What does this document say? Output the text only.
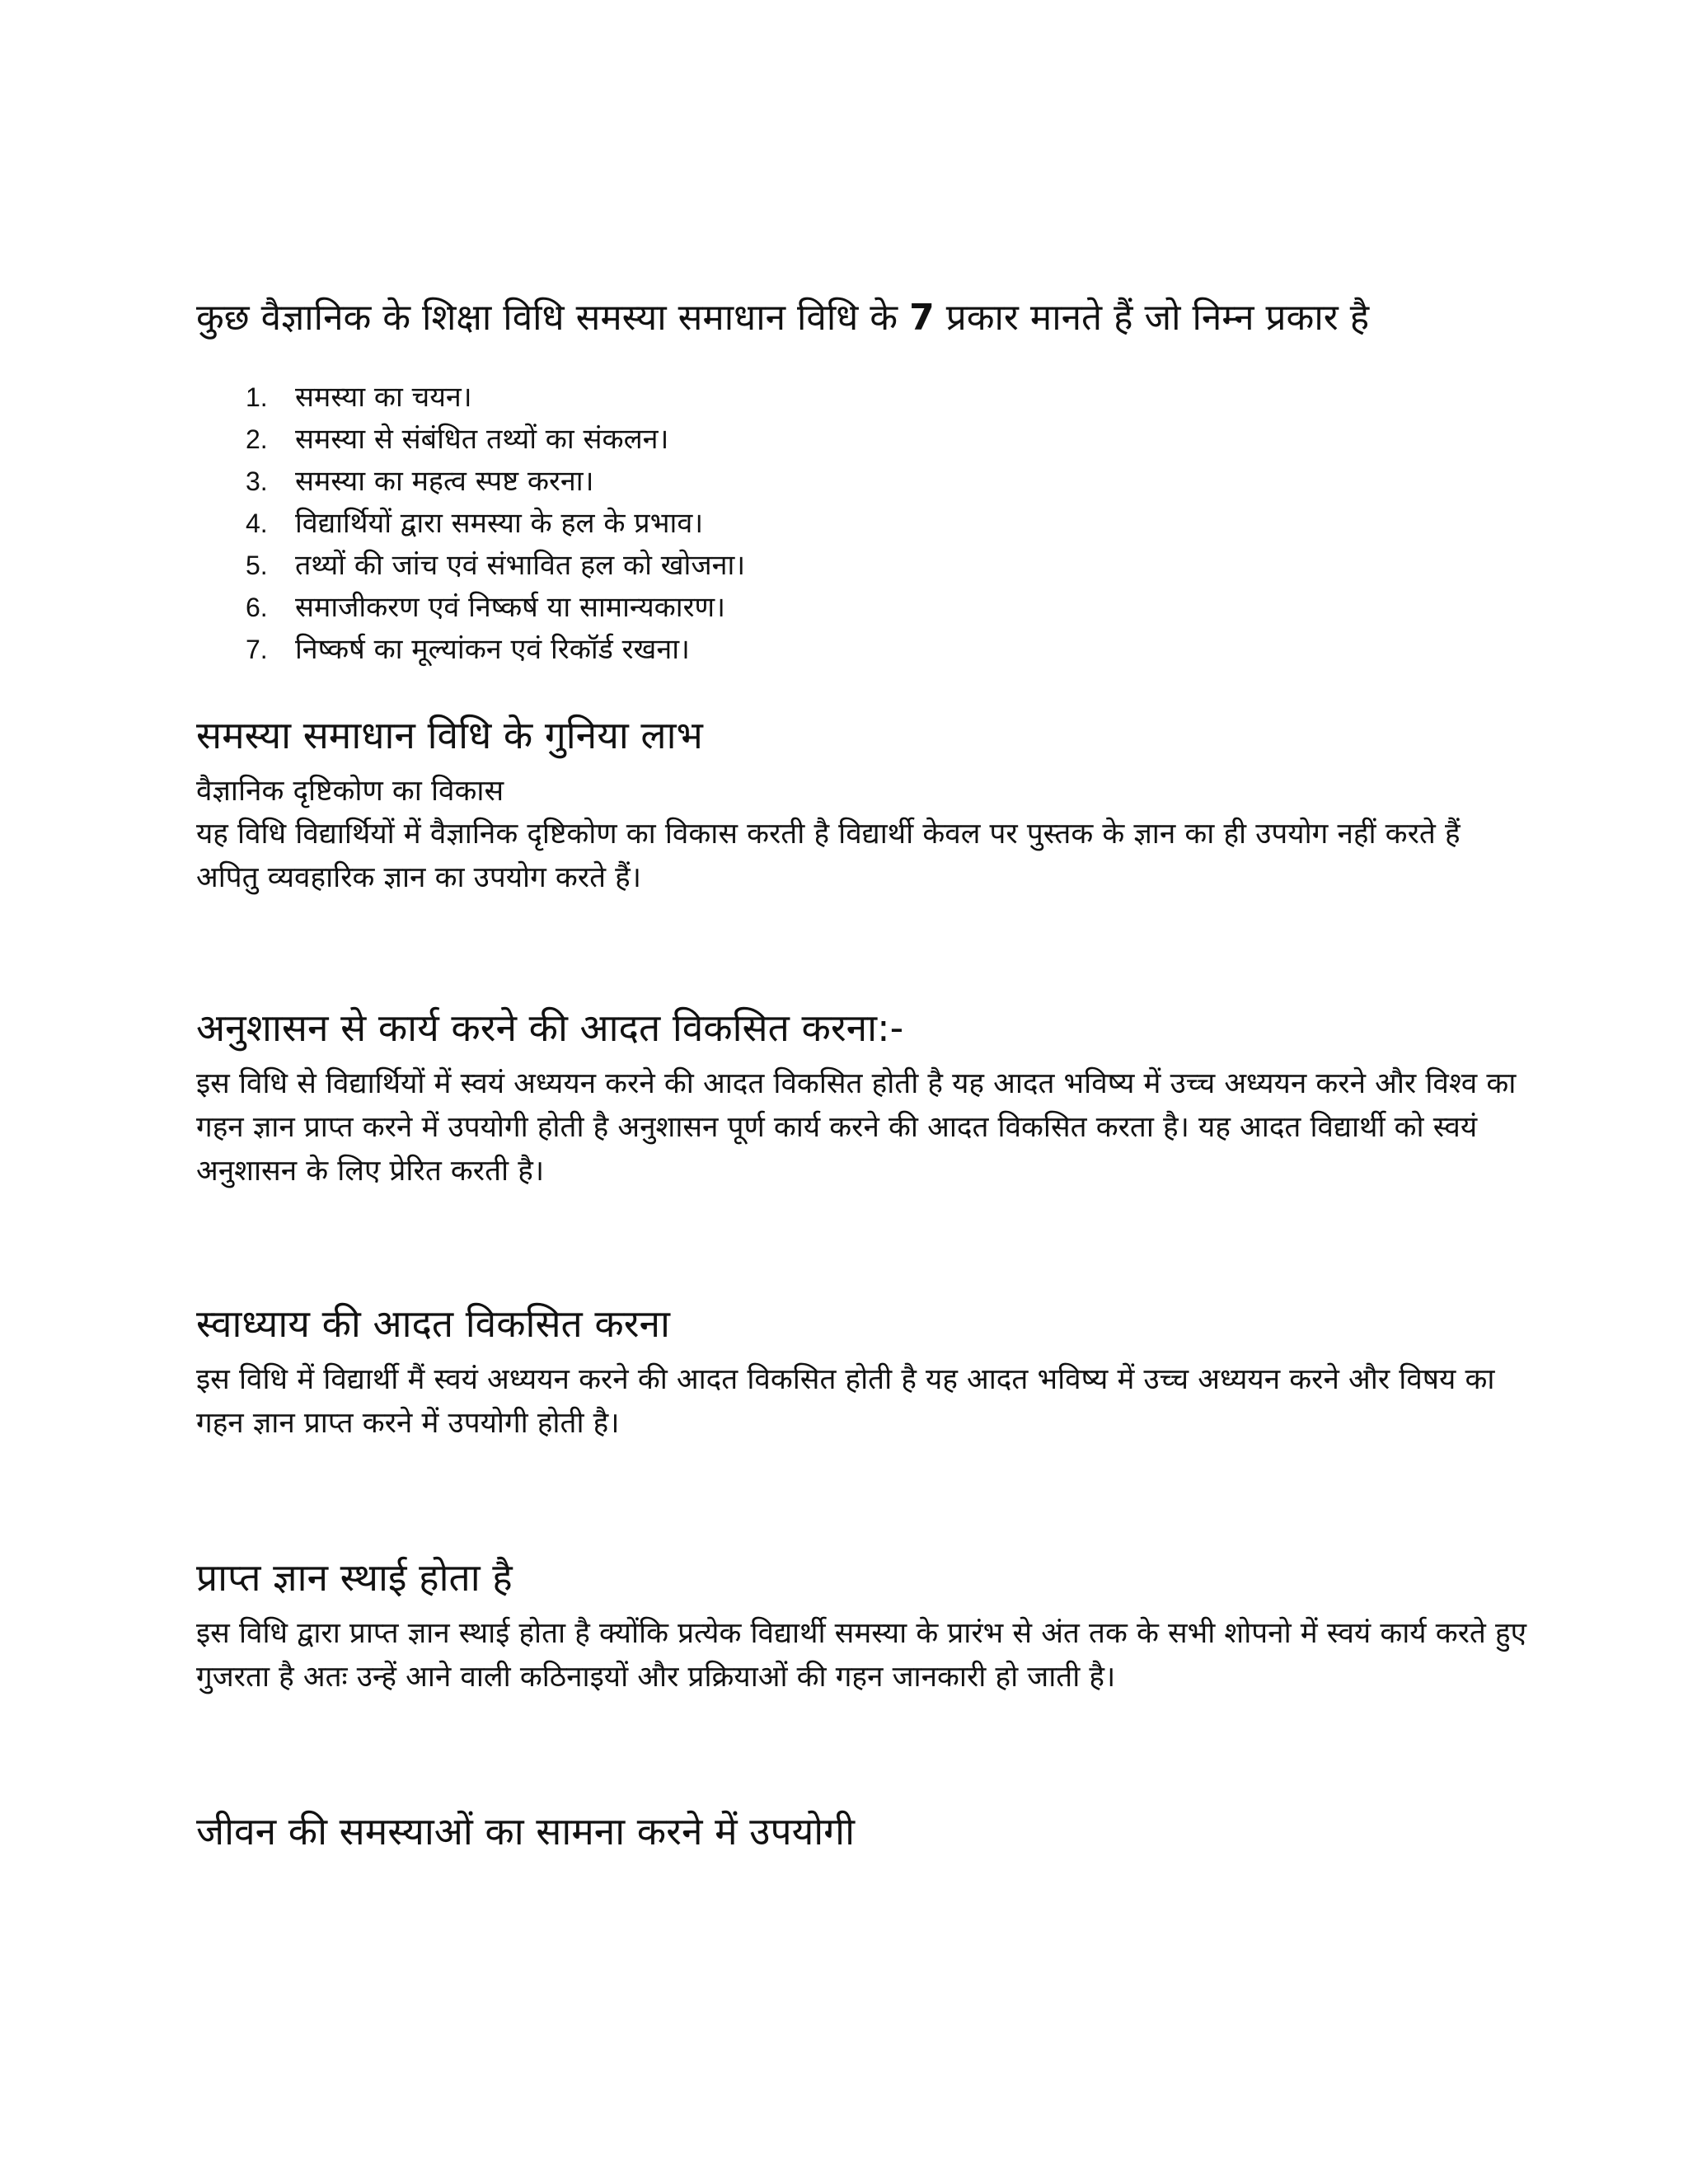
कुछ वैज्ञानिक के शिक्षा विधि समस्या समाधान विधि के 7 प्रकार मानते हैं जो निम्न प्रकार है

1. समस्या का चयन।
2. समस्या से संबंधित तथ्यों का संकलन।
3. समस्या का महत्व स्पष्ट करना।
4. विद्यार्थियों द्वारा समस्या के हल के प्रभाव।
5. तथ्यों की जांच एवं संभावित हल को खोजना।
6. समाजीकरण एवं निष्कर्ष या सामान्यकारण।
7. निष्कर्ष का मूल्यांकन एवं रिकॉर्ड रखना।
समस्या समाधान विधि के गुनिया लाभ

वैज्ञानिक दृष्टिकोण का विकास

यह विधि विद्यार्थियों में वैज्ञानिक दृष्टिकोण का विकास करती है विद्यार्थी केवल पर पुस्तक के ज्ञान का ही उपयोग नहीं करते हैं अपितु व्यवहारिक ज्ञान का उपयोग करते हैं।

अनुशासन से कार्य करने की आदत विकसित करना:-

इस विधि से विद्यार्थियों में स्वयं अध्ययन करने की आदत विकसित होती है यह आदत भविष्य में उच्च अध्ययन करने और विश्व का गहन ज्ञान प्राप्त करने में उपयोगी होती है अनुशासन पूर्ण कार्य करने की आदत विकसित करता है। यह आदत विद्यार्थी को स्वयं अनुशासन के लिए प्रेरित करती है।

स्वाध्याय की आदत विकसित करना

इस विधि में विद्यार्थी मैं स्वयं अध्ययन करने की आदत विकसित होती है यह आदत भविष्य में उच्च अध्ययन करने और विषय का गहन ज्ञान प्राप्त करने में उपयोगी होती है।

प्राप्त ज्ञान स्थाई होता है

इस विधि द्वारा प्राप्त ज्ञान स्थाई होता है क्योंकि प्रत्येक विद्यार्थी समस्या के प्रारंभ से अंत तक के सभी शोपनो में स्वयं कार्य करते हुए गुजरता है अतः उन्हें आने वाली कठिनाइयों और प्रक्रियाओं की गहन जानकारी हो जाती है।

जीवन की समस्याओं का सामना करने में उपयोगी
